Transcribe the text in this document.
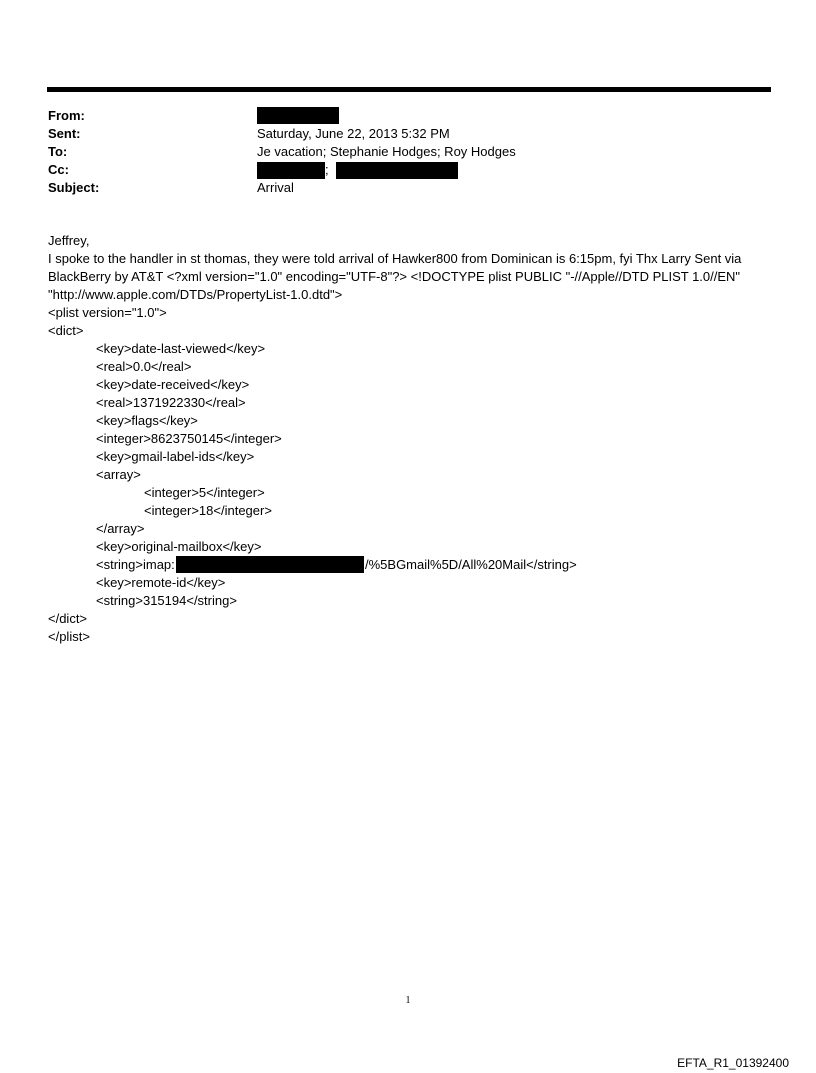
From:
Sent:	Saturday, June 22, 2013 5:32 PM
To:	Je vacation; Stephanie Hodges; Roy Hodges
Cc:	;
Subject:	Arrival
Jeffrey,
I spoke to the handler in st thomas, they were told arrival of Hawker800 from Dominican is 6:15pm, fyi Thx Larry Sent via BlackBerry by AT&T <?xml version="1.0" encoding="UTF-8"?> <!DOCTYPE plist PUBLIC "-//Apple//DTD PLIST 1.0//EN" "http://www.apple.com/DTDs/PropertyList-1.0.dtd">
<plist version="1.0">
<dict>
<key>date-last-viewed</key>
<real>0.0</real>
<key>date-received</key>
<real>1371922330</real>
<key>flags</key>
<integer>8623750145</integer>
<key>gmail-label-ids</key>
<array>
<integer>5</integer>
<integer>18</integer>
</array>
<key>original-mailbox</key>
<string>imap:	/%5BGmail%5D/All%20Mail</string>
<key>remote-id</key>
<string>315194</string>
</dict>
</plist>
1
EFTA_R1_01392400
